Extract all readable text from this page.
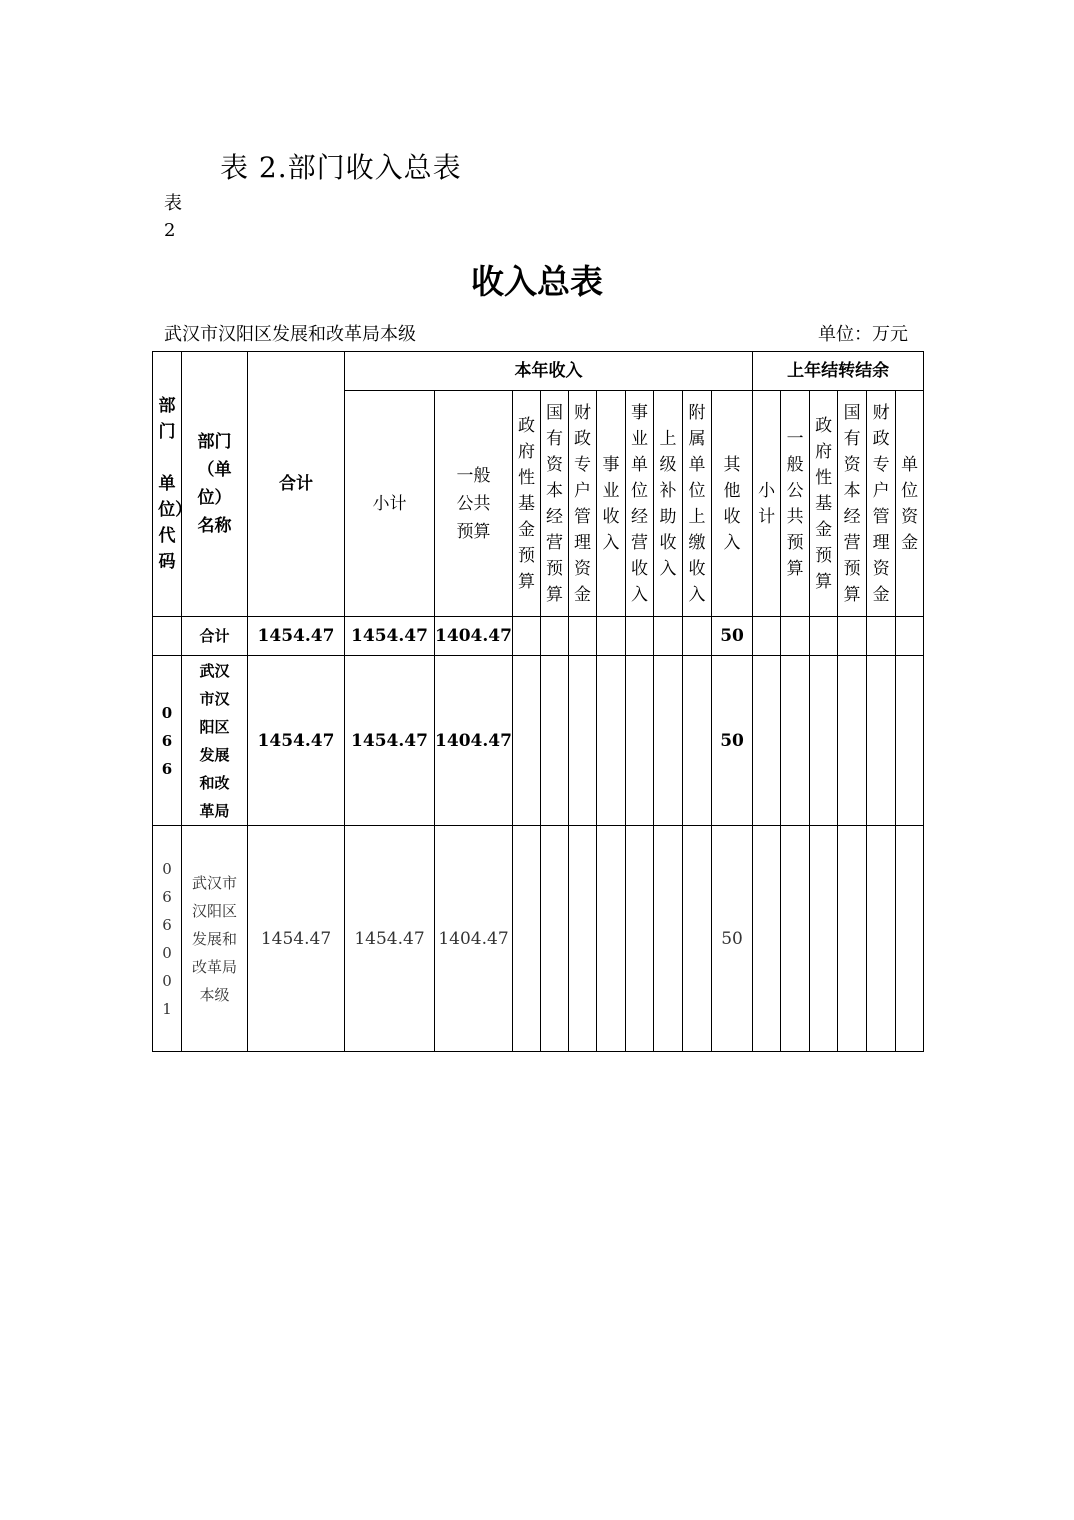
表 2.部门收入总表
表
2
收入总表
武汉市汉阳区发展和改革局本级	单位：万元
部门

单位）代码	部门（单位）名称	合计	本年收入										上年结转结余					
			小计	一般公共预算	政府性基金预算	国有资本经营预算	财政专户管理资金	事业收入	事业单位经营收入	上级补助收入	附属单位上缴收入	其他收入	小计	一般公共预算	政府性基金预算	国有资本经营预算	财政专户管理资金	单位资金

	合计	1454.47	1454.47	1404.47								50						

066	武汉市汉阳区发展和改革局	1454.47	1454.47	1404.47								50						

066001	武汉市汉阳区发展和改革局本级	1454.47	1454.47	1404.47								50						
